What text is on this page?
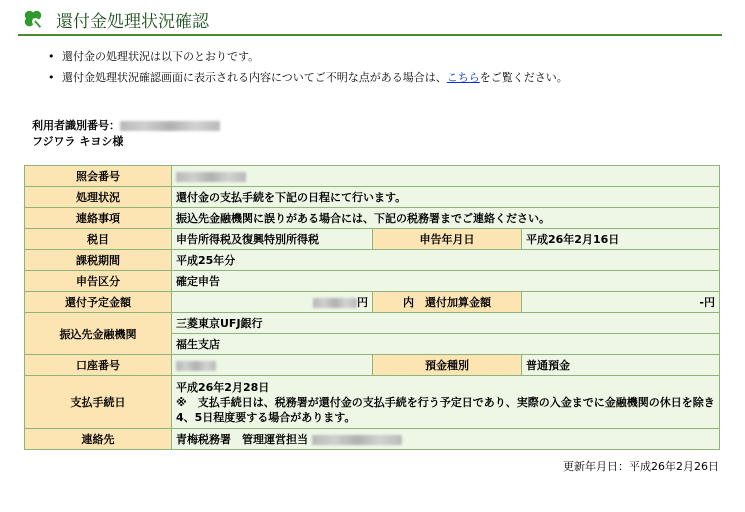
還付金処理状況確認
• 還付金の処理状況は以下のとおりです。
• 還付金処理状況確認画面に表示される内容についてご不明な点がある場合は、こちらをご覧ください。
利用者識別番号：
フジワラ キヨシ様
照会番号			
処理状況	還付金の支払手続を下記の日程にて行います。		
連絡事項	振込先金融機関に誤りがある場合には、下記の税務署までご連絡ください。		
税目	申告所得税及復興特別所得税	申告年月日	平成26年2月16日
課税期間	平成25年分		
申告区分	確定申告		
還付予定金額	円	内　還付加算金額	-円
振込先金融機関	三菱東京UFJ銀行		
	福生支店		
口座番号		預金種別	普通預金
支払手続日	平成26年2月28日
※　支払手続日は、税務署が還付金の支払手続を行う予定日であり、実際の入金までに金融機関の休日を除き4、5日程度要する場合があります。		

連絡先	青梅税務署　管理運営担当		
更新年月日：平成26年2月26日
